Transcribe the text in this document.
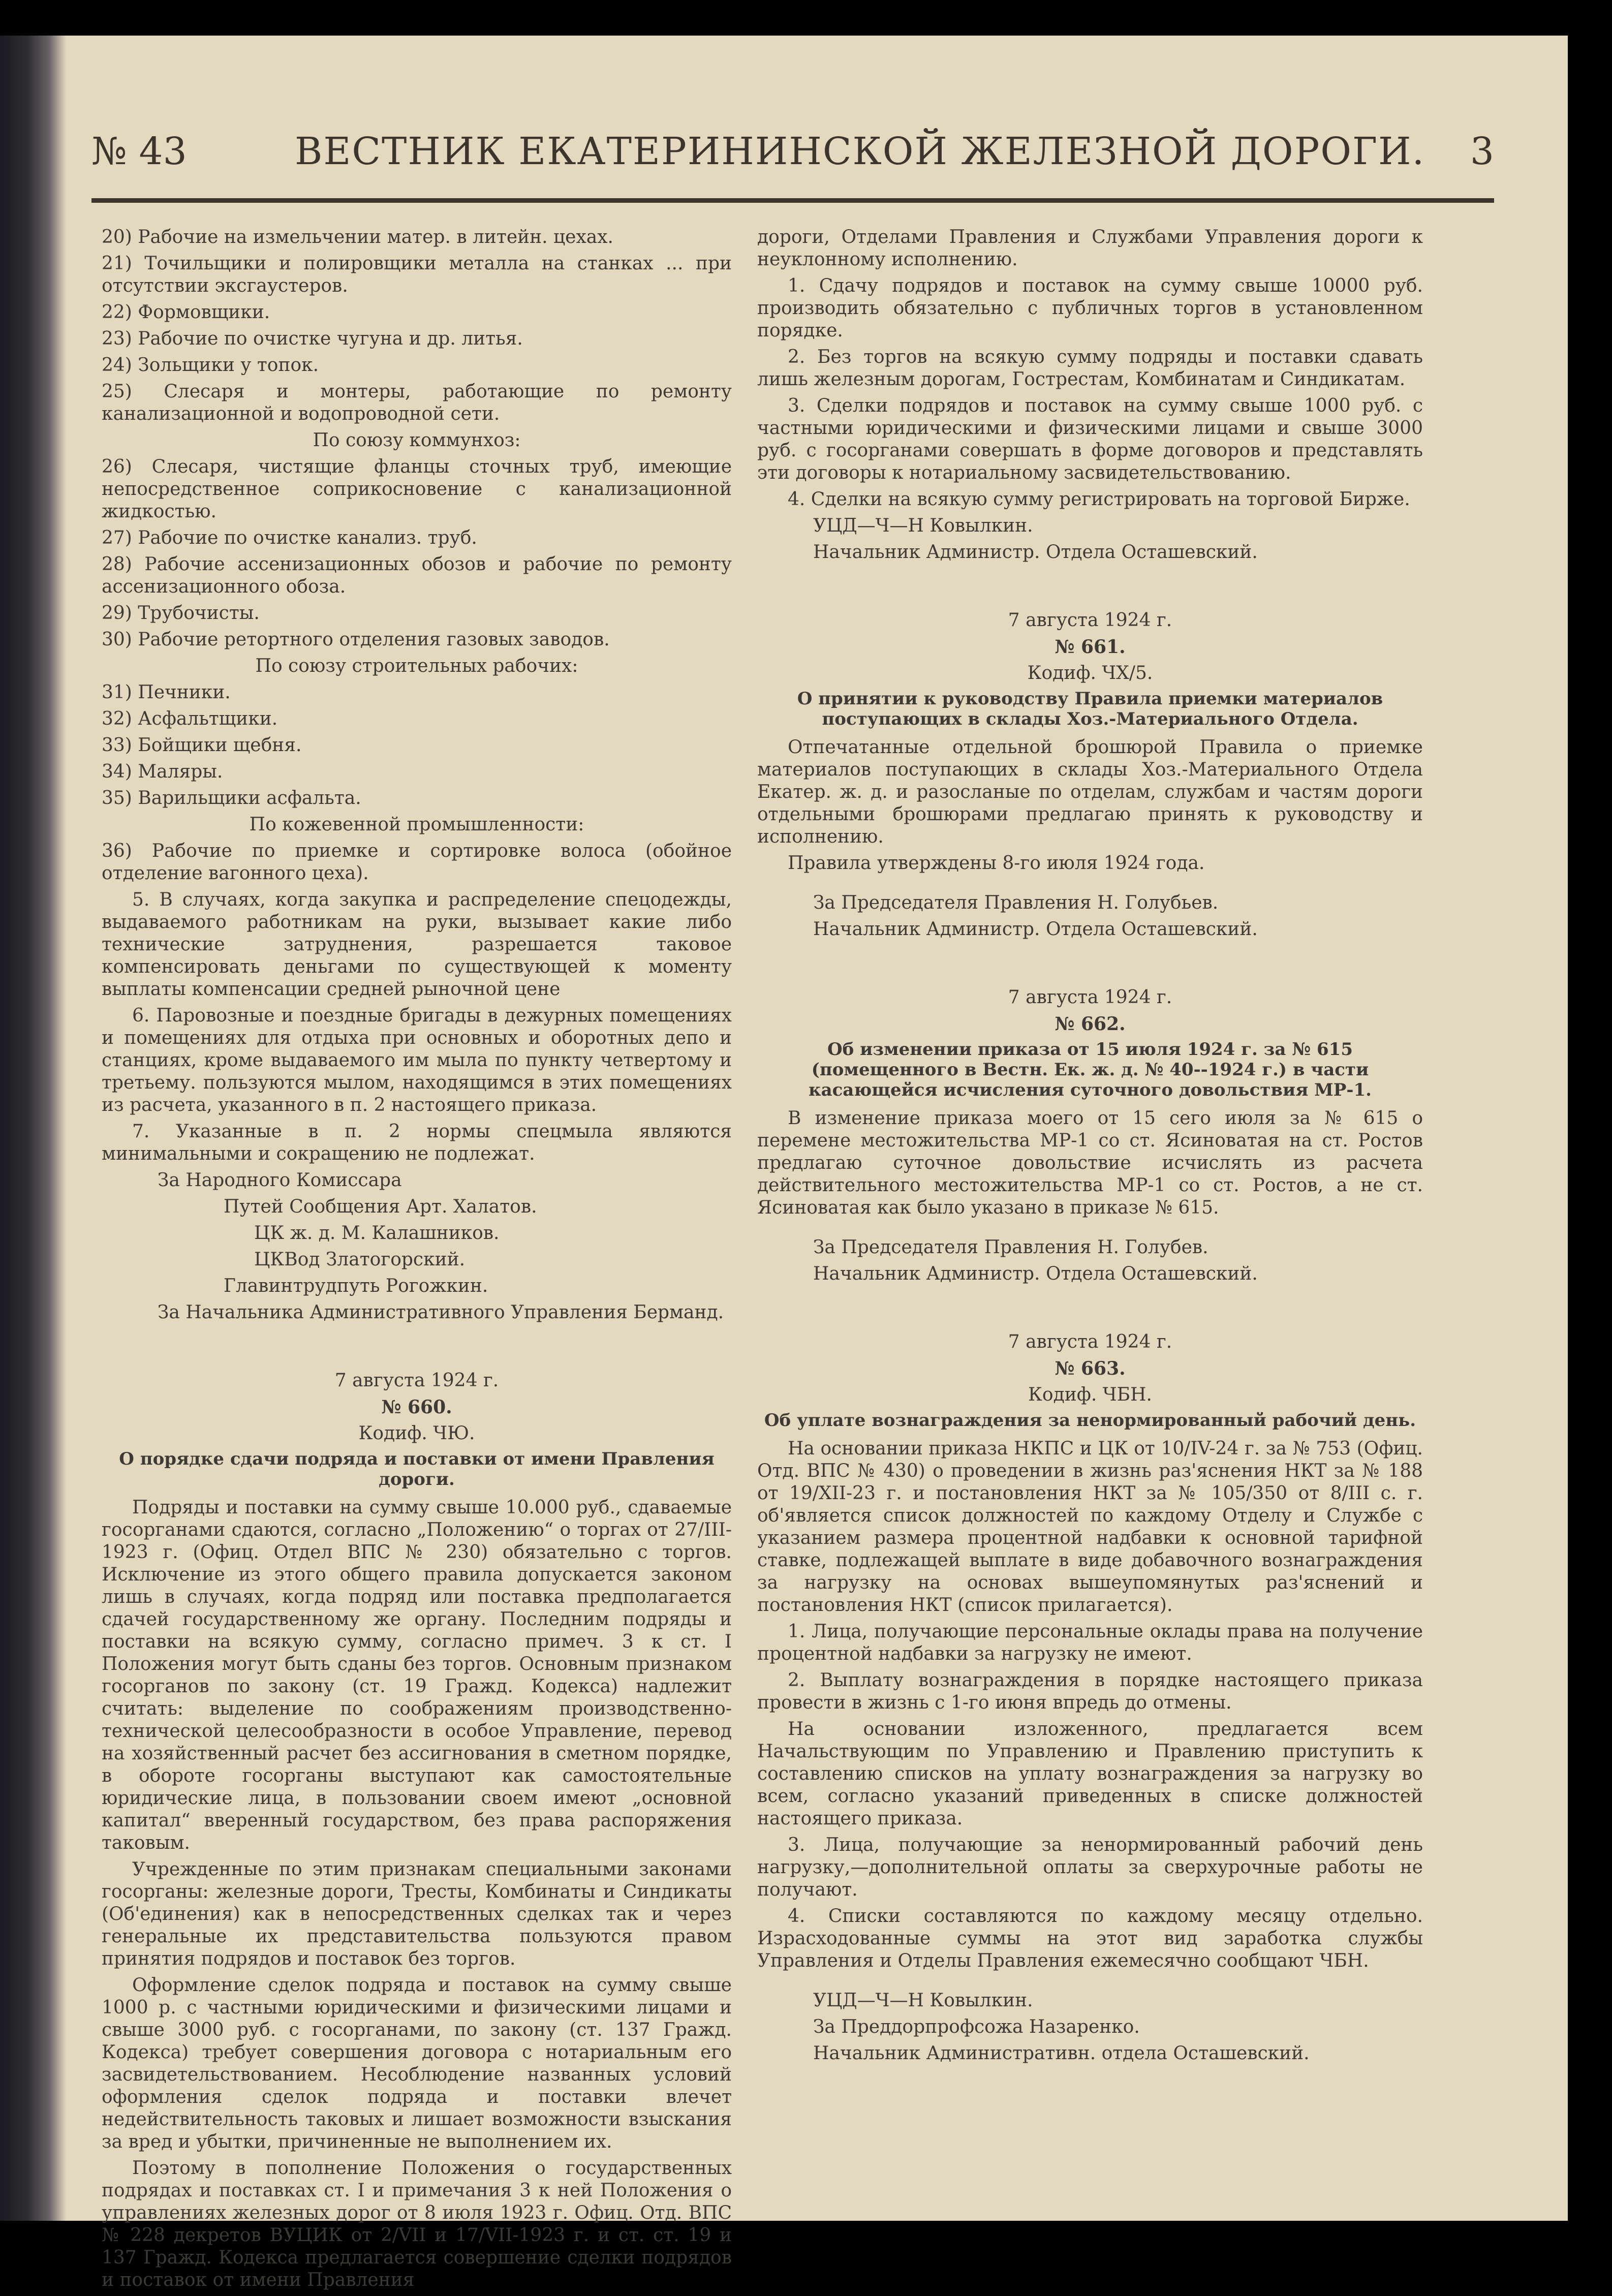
№ 43	ВЕСТНИК ЕКАТЕРИНИНСКОЙ ЖЕЛЕЗНОЙ ДОРОГИ. 3

20) Рабочие на измельчении матер. в литейн. цехах.

21) Точильщики и полировщики металла на станках ... при отсутствии эксгаустеров.

22) Формовщики.

23) Рабочие по очистке чугуна и др. литья.

24) Зольщики у топок.

25) Слесаря и монтеры, работающие по ремонту канализационной и водопроводной сети.

По союзу коммунхоз:

26) Слесаря, чистящие фланцы сточных труб, имеющие непосредственное соприкосновение с канализационной жидкостью.

27) Рабочие по очистке канализ. труб.

28) Рабочие ассенизационных обозов и рабочие по ремонту ассенизационного обоза.

29) Трубочисты.

30) Рабочие ретортного отделения газовых заводов.

По союзу строительных рабочих:

31) Печники.

32) Асфальтщики.

33) Бойщики щебня.

34) Маляры.

35) Варильщики асфальта.

По кожевенной промышленности:

36) Рабочие по приемке и сортировке волоса (обойное отделение вагонного цеха).

5. В случаях, когда закупка и распределение спецодежды, выдаваемого работникам на руки, вызывает какие либо технические затруднения, разрешается таковое компенсировать деньгами по существующей к моменту выплаты компенсации средней рыночной цене

6. Паровозные и поездные бригады в дежурных помещениях и помещениях для отдыха при основных и оборотных депо и станциях, кроме выдаваемого им мыла по пункту четвертому и третьему. пользуются мылом, находящимся в этих помещениях из расчета, указанного в п. 2 настоящего приказа.

7. Указанные в п. 2 нормы спецмыла являются минимальными и сокращению не подлежат.

За Народного Комиссара

Путей Сообщения Арт. Халатов.

ЦК ж. д. М. Калашников.

ЦКВод Златогорский.

Главинтрудпуть Рогожкин.

За Начальника Административного Управления Берманд.

7 августа 1924 г.

№ 660.

Кодиф. ЧЮ.

О порядке сдачи подряда и поставки от имени Правления дороги.

Подряды и поставки на сумму свыше 10.000 руб., сдаваемые госорганами сдаются, согласно „Положению“ о торгах от 27/III-1923 г. (Офиц. Отдел ВПС № 230) обязательно с торгов. Исключение из этого общего правила допускается законом лишь в случаях, когда подряд или поставка предполагается сдачей государственному же органу. Последним подряды и поставки на всякую сумму, согласно примеч. 3 к ст. I Положения могут быть сданы без торгов. Основным признаком госорганов по закону (ст. 19 Гражд. Кодекса) надлежит считать: выделение по соображениям производственно-технической целесообразности в особое Управление, перевод на хозяйственный расчет без ассигнования в сметном порядке, в обороте госорганы выступают как самостоятельные юридические лица, в пользовании своем имеют „основной капитал“ вверенный государством, без права распоряжения таковым.

Учрежденные по этим признакам специальными законами госорганы: железные дороги, Тресты, Комбинаты и Синдикаты (Об'единения) как в непосредственных сделках так и через генеральные их представительства пользуются правом принятия подрядов и поставок без торгов.

Оформление сделок подряда и поставок на сумму свыше 1000 р. с частными юридическими и физическими лицами и свыше 3000 руб. с госорганами, по закону (ст. 137 Гражд. Кодекса) требует совершения договора с нотариальным его засвидетельствованием. Несоблюдение названных условий оформления сделок подряда и поставки влечет недействительность таковых и лишает возможности взыскания за вред и убытки, причиненные не выполнением их.

Поэтому в пополнение Положения о государственных подрядах и поставках ст. I и примечания 3 к ней Положения о управлениях железных дорог от 8 июля 1923 г. Офиц. Отд. ВПС № 228 декретов ВУЦИК от 2/VII и 17/VII-1923 г. и ст. ст. 19 и 137 Гражд. Кодекса предлагается совершение сделки подрядов и поставок от имени Правления

дороги, Отделами Правления и Службами Управления дороги к неуклонному исполнению.

1. Сдачу подрядов и поставок на сумму свыше 10000 руб. производить обязательно с публичных торгов в установленном порядке.

2. Без торгов на всякую сумму подряды и поставки сдавать лишь железным дорогам, Гострестам, Комбинатам и Синдикатам.

3. Сделки подрядов и поставок на сумму свыше 1000 руб. с частными юридическими и физическими лицами и свыше 3000 руб. с госорганами совершать в форме договоров и представлять эти договоры к нотариальному засвидетельствованию.

4. Сделки на всякую сумму регистрировать на торговой Бирже.

УЦД—Ч—Н Ковылкин.

Начальник Администр. Отдела Осташевский.

7 августа 1924 г.

№ 661.

Кодиф. ЧХ/5.

О принятии к руководству Правила приемки материалов поступающих в склады Хоз.-Материального Отдела.

Отпечатанные отдельной брошюрой Правила о приемке материалов поступающих в склады Хоз.-Материального Отдела Екатер. ж. д. и разосланые по отделам, службам и частям дороги отдельными брошюрами предлагаю принять к руководству и исполнению.

Правила утверждены 8-го июля 1924 года.

За Председателя Правления Н. Голубьев.

Начальник Администр. Отдела Осташевский.

7 августа 1924 г.

№ 662.

Об изменении приказа от 15 июля 1924 г. за № 615 (помещенного в Вестн. Ек. ж. д. № 40--1924 г.) в части касающейся исчисления суточного довольствия МР-1.

В изменение приказа моего от 15 сего июля за № 615 о перемене местожительства МР-1 со ст. Ясиноватая на ст. Ростов предлагаю суточное довольствие исчислять из расчета действительного местожительства МР-1 со ст. Ростов, а не ст. Ясиноватая как было указано в приказе № 615.

За Председателя Правления Н. Голубев.

Начальник Администр. Отдела Осташевский.

7 августа 1924 г.

№ 663.

Кодиф. ЧБН.

Об уплате вознаграждения за ненормированный рабочий день.

На основании приказа НКПС и ЦК от 10/IV-24 г. за № 753 (Офиц. Отд. ВПС № 430) о проведении в жизнь раз'яснения НКТ за № 188 от 19/XII-23 г. и постановления НКТ за № 105/350 от 8/III с. г. об'является список должностей по каждому Отделу и Службе с указанием размера процентной надбавки к основной тарифной ставке, подлежащей выплате в виде добавочного вознаграждения за нагрузку на основах вышеупомянутых раз'яснений и постановления НКТ (список прилагается).

1. Лица, получающие персональные оклады права на получение процентной надбавки за нагрузку не имеют.

2. Выплату вознаграждения в порядке настоящего приказа провести в жизнь с 1-го июня впредь до отмены.

На основании изложенного, предлагается всем Начальствующим по Управлению и Правлению приступить к составлению списков на уплату вознаграждения за нагрузку во всем, согласно указаний приведенных в списке должностей настоящего приказа.

3. Лица, получающие за ненормированный рабочий день нагрузку,—дополнительной оплаты за сверхурочные работы не получают.

4. Списки составляются по каждому месяцу отдельно. Израсходованные суммы на этот вид заработка службы Управления и Отделы Правления ежемесячно сообщают ЧБН.

УЦД—Ч—Н Ковылкин.

За Преддорпрофсожа Назаренко.

Начальник Административн. отдела Осташевский.
